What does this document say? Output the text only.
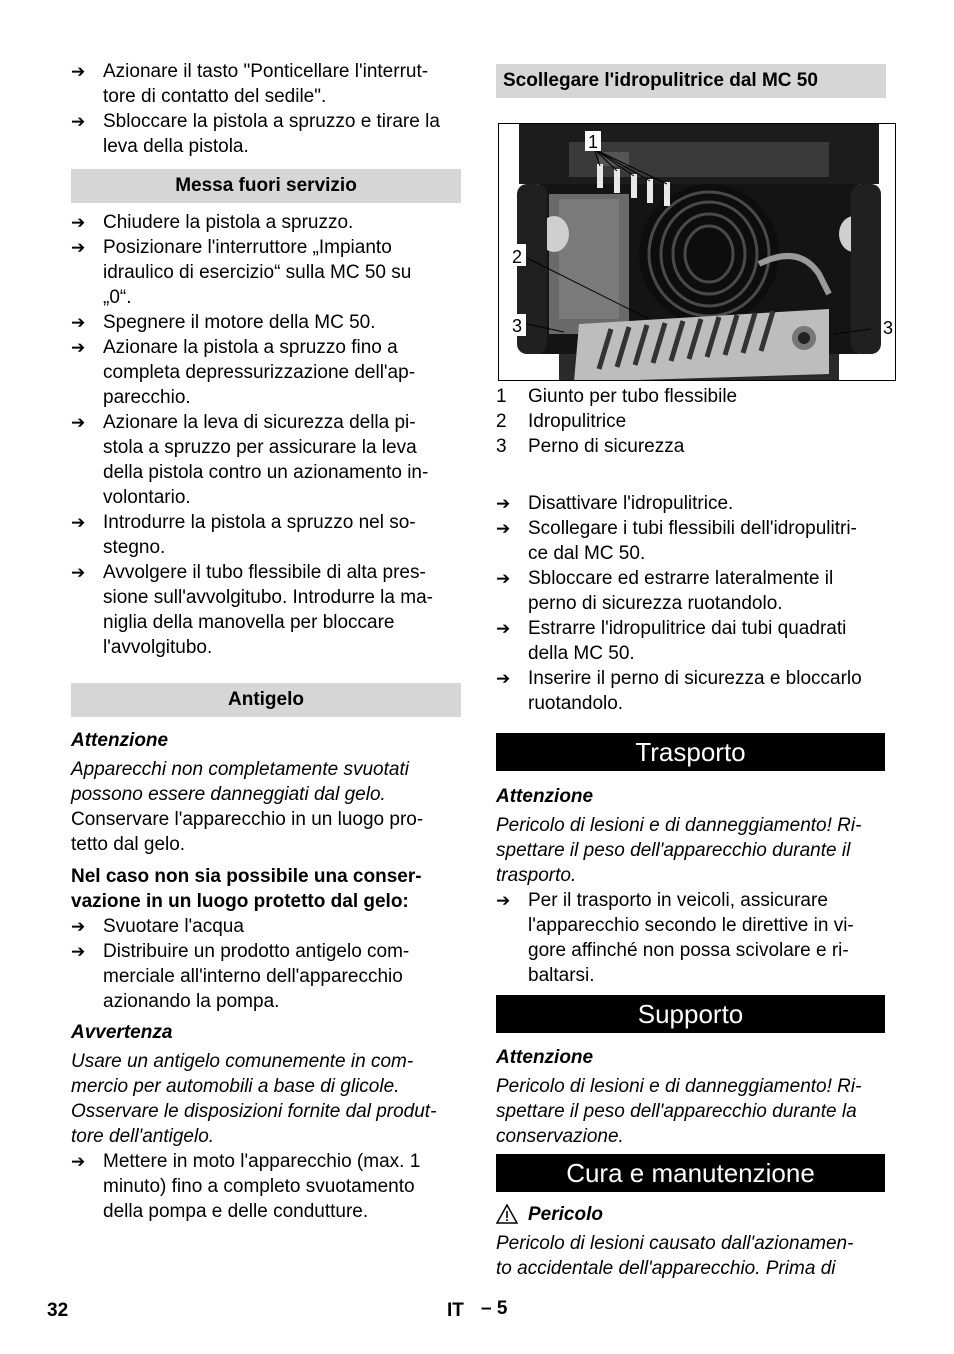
➔ Azionare il tasto "Ponticellare l'interrut-
tore di contatto del sedile".
➔ Sbloccare la pistola a spruzzo e tirare la
leva della pistola.
Messa fuori servizio
➔ Chiudere la pistola a spruzzo.
➔ Posizionare l'interruttore „Impianto
idraulico di esercizio“ sulla MC 50 su
„0“.
➔ Spegnere il motore della MC 50.
➔ Azionare la pistola a spruzzo fino a
completa depressurizzazione dell'ap-
parecchio.
➔ Azionare la leva di sicurezza della pi-
stola a spruzzo per assicurare la leva
della pistola contro un azionamento in-
volontario.
➔ Introdurre la pistola a spruzzo nel so-
stegno.
➔ Avvolgere il tubo flessibile di alta pres-
sione sull'avvolgitubo. Introdurre la ma-
niglia della manovella per bloccare
l'avvolgitubo.
Antigelo
Attenzione
Apparecchi non completamente svuotati
possono essere danneggiati dal gelo.
Conservare l'apparecchio in un luogo pro-
tetto dal gelo.
Nel caso non sia possibile una conser-
vazione in un luogo protetto dal gelo:
➔ Svuotare l'acqua
➔ Distribuire un prodotto antigelo com-
merciale all'interno dell'apparecchio
azionando la pompa.
Avvertenza
Usare un antigelo comunemente in com-
mercio per automobili a base di glicole.
Osservare le disposizioni fornite dal produt-
tore dell'antigelo.
➔ Mettere in moto l'apparecchio (max. 1
minuto) fino a completo svuotamento
della pompa e delle condutture.
Scollegare l'idropulitrice dal MC 50
1
2
3	3
1	Giunto per tubo flessibile
2	Idropulitrice
3	Perno di sicurezza
➔ Disattivare l'idropulitrice.
➔ Scollegare i tubi flessibili dell'idropulitri-
ce dal MC 50.
➔ Sbloccare ed estrarre lateralmente il
perno di sicurezza ruotandolo.
➔ Estrarre l'idropulitrice dai tubi quadrati
della MC 50.
➔ Inserire il perno di sicurezza e bloccarlo
ruotandolo.
Trasporto
Attenzione
Pericolo di lesioni e di danneggiamento! Ri-
spettare il peso dell'apparecchio durante il
trasporto.
➔ Per il trasporto in veicoli, assicurare
l'apparecchio secondo le direttive in vi-
gore affinché non possa scivolare e ri-
baltarsi.
Supporto
Attenzione
Pericolo di lesioni e di danneggiamento! Ri-
spettare il peso dell'apparecchio durante la
conservazione.
Cura e manutenzione
Pericolo
Pericolo di lesioni causato dall'azionamen-
to accidentale dell'apparecchio. Prima di
32	IT – 5
